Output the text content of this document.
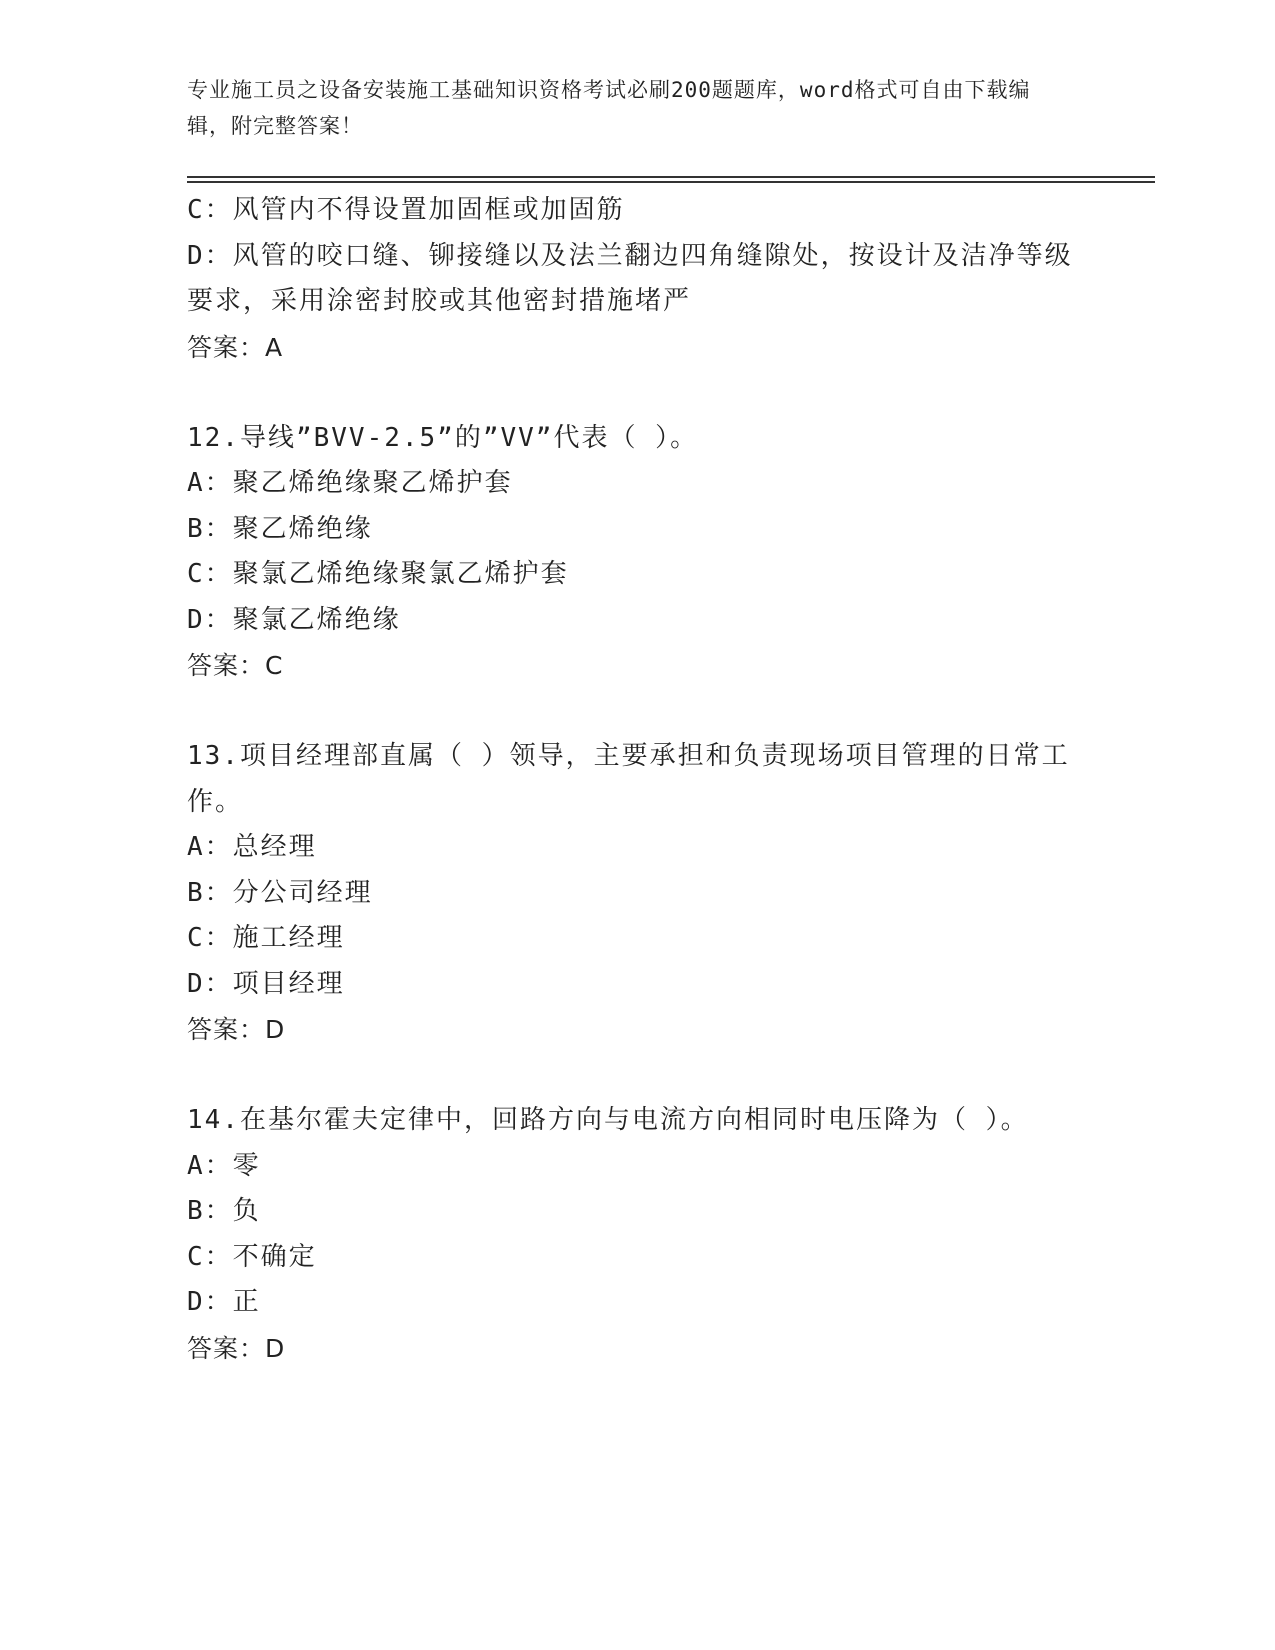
专业施工员之设备安装施工基础知识资格考试必刷200题题库，word格式可自由下载编辑，附完整答案！

C：风管内不得设置加固框或加固筋

D：风管的咬口缝、铆接缝以及法兰翻边四角缝隙处，按设计及洁净等级要求，采用涂密封胶或其他密封措施堵严

答案：A

12.导线”BVV-2.5”的”VV”代表（ ）。

A：聚乙烯绝缘聚乙烯护套

B：聚乙烯绝缘

C：聚氯乙烯绝缘聚氯乙烯护套

D：聚氯乙烯绝缘

答案：C

13.项目经理部直属（ ）领导，主要承担和负责现场项目管理的日常工作。

A：总经理

B：分公司经理

C：施工经理

D：项目经理

答案：D

14.在基尔霍夫定律中，回路方向与电流方向相同时电压降为（ ）。

A：零

B：负

C：不确定

D：正

答案：D
